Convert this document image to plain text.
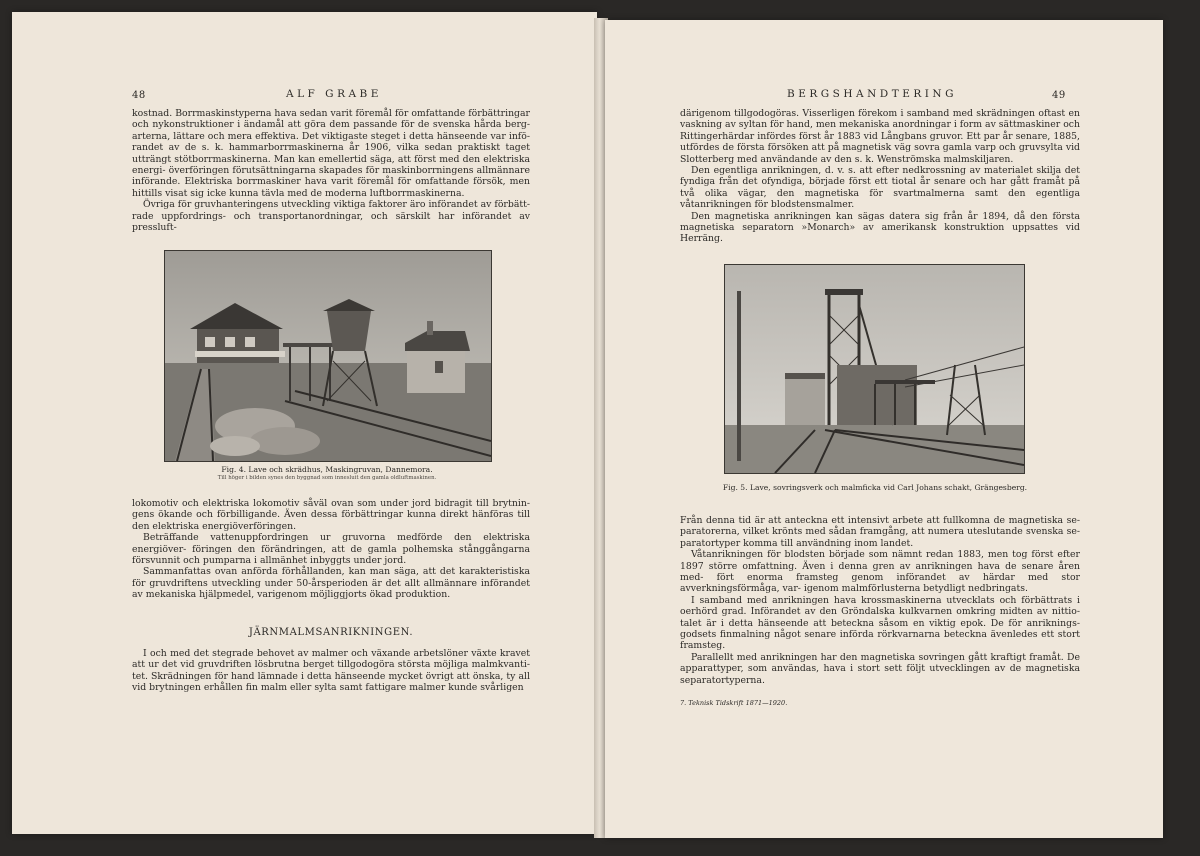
48	ALF GRABE

kostnad. Borrmaskinstyperna hava sedan varit föremål för omfattande förbättringar och nykonstruktioner i ändamål att göra dem passande för de svenska hårda berg- arterna, lättare och mera effektiva. Det viktigaste steget i detta hänseende var infö- randet av de s. k. hammarborrmaskinerna år 1906, vilka sedan praktiskt taget utträngt stötborrmaskinerna. Man kan emellertid säga, att först med den elektriska energi- överföringen förutsättningarna skapades för maskinborrningens allmännare införande. Elektriska borrmaskiner hava varit föremål för omfattande försök, men hittills visat sig icke kunna tävla med de moderna luftborrmaskinerna.

Övriga för gruvhanteringens utveckling viktiga faktorer äro införandet av förbätt- rade uppfordrings- och transportanordningar, och särskilt har införandet av pressluft-

Fig. 4. Lave och skrädhus, Maskingruvan, Dannemora.
Till höger i bilden synes den byggnad som innesluit den gamla oldluftmaskinen.

lokomotiv och elektriska lokomotiv såväl ovan som under jord bidragit till brytnin- gens ökande och förbilligande. Även dessa förbättringar kunna direkt hänföras till den elektriska energiöverföringen.

Beträffande vattenuppfordringen ur gruvorna medförde den elektriska energiöver- föringen den förändringen, att de gamla polhemska stånggångarna försvunnit och pumparna i allmänhet inbyggts under jord.

Sammanfattas ovan anförda förhållanden, kan man säga, att det karakteristiska för gruvdriftens utveckling under 50-årsperioden är det allt allmännare införandet av mekaniska hjälpmedel, varigenom möjliggjorts ökad produktion.

JÄRNMALMSANRIKNINGEN.

I och med det stegrade behovet av malmer och växande arbetslöner växte kravet att ur det vid gruvdriften lösbrutna berget tillgodogöra största möjliga malmkvanti- tet. Skrädningen för hand lämnade i detta hänseende mycket övrigt att önska, ty all vid brytningen erhållen fin malm eller sylta samt fattigare malmer kunde svårligen

BERGSHANDTERING	49

därigenom tillgodogöras. Visserligen förekom i samband med skrädningen oftast en vaskning av syltan för hand, men mekaniska anordningar i form av sättmaskiner och Rittingerhärdar infördes först år 1883 vid Långbans gruvor. Ett par år senare, 1885, utfördes de första försöken att på magnetisk väg sovra gamla varp och gruvsylta vid Slotterberg med användande av den s. k. Wenströmska malmskiljaren.

Den egentliga anrikningen, d. v. s. att efter nedkrossning av materialet skilja det fyndiga från det ofyndiga, började först ett tiotal år senare och har gått framåt på två olika vägar, den magnetiska för svartmalmerna samt den egentliga våtanrikningen för blodstensmalmer.

Den magnetiska anrikningen kan sägas datera sig från år 1894, då den första magnetiska separatorn »Monarch» av amerikansk konstruktion uppsattes vid Herräng.

Fig. 5. Lave, sovringsverk och malmficka vid Carl Johans schakt, Grängesberg.

Från denna tid är att anteckna ett intensivt arbete att fullkomna de magnetiska se- paratorerna, vilket krönts med sådan framgång, att numera uteslutande svenska se- paratortyper komma till användning inom landet.

Våtanrikningen för blodsten började som nämnt redan 1883, men tog först efter 1897 större omfattning. Även i denna gren av anrikningen hava de senare åren med- fört enorma framsteg genom införandet av härdar med stor avverkningsförmåga, var- igenom malmförlusterna betydligt nedbringats.

I samband med anrikningen hava krossmaskinerna utvecklats och förbättrats i oerhörd grad. Införandet av den Gröndalska kulkvarnen omkring midten av nittio- talet är i detta hänseende att beteckna såsom en viktig epok. De för anriknings- godsets finmalning något senare införda rörkvarnarna beteckna ävenledes ett stort framsteg.

Parallellt med anrikningen har den magnetiska sovringen gått kraftigt framåt. De apparattyper, som användas, hava i stort sett följt utvecklingen av de magnetiska separatortyperna.

7. Teknisk Tidskrift 1871—1920.
